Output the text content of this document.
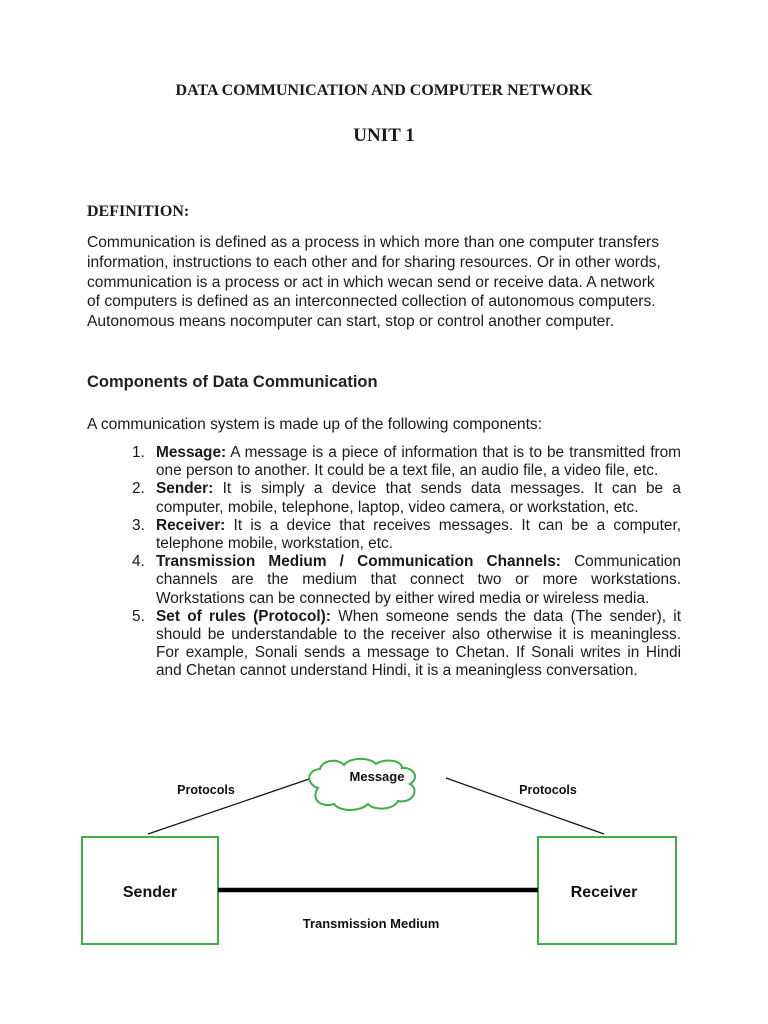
DATA COMMUNICATION AND COMPUTER NETWORK
UNIT 1
DEFINITION:

Communication is defined as a process in which more than one computer transfers information, instructions to each other and for sharing resources. Or in other words, communication is a process or act in which wecan send or receive data. A network of computers is defined as an interconnected collection of autonomous computers. Autonomous means nocomputer can start, stop or control another computer.

Components of Data Communication

A communication system is made up of the following components:

1. Message: A message is a piece of information that is to be transmitted from one person to another. It could be a text file, an audio file, a video file, etc.
2. Sender: It is simply a device that sends data messages. It can be a computer, mobile, telephone, laptop, video camera, or workstation, etc.
3. Receiver: It is a device that receives messages. It can be a computer, telephone mobile, workstation, etc.
4. Transmission Medium / Communication Channels: Communication channels are the medium that connect two or more workstations. Workstations can be connected by either wired media or wireless media.
5. Set of rules (Protocol): When someone sends the data (The sender), it should be understandable to the receiver also otherwise it is meaningless. For example, Sonali sends a message to Chetan. If Sonali writes in Hindi and Chetan cannot understand Hindi, it is a meaningless conversation.
Message
Protocols	Protocols
Sender	Receiver
Transmission Medium
